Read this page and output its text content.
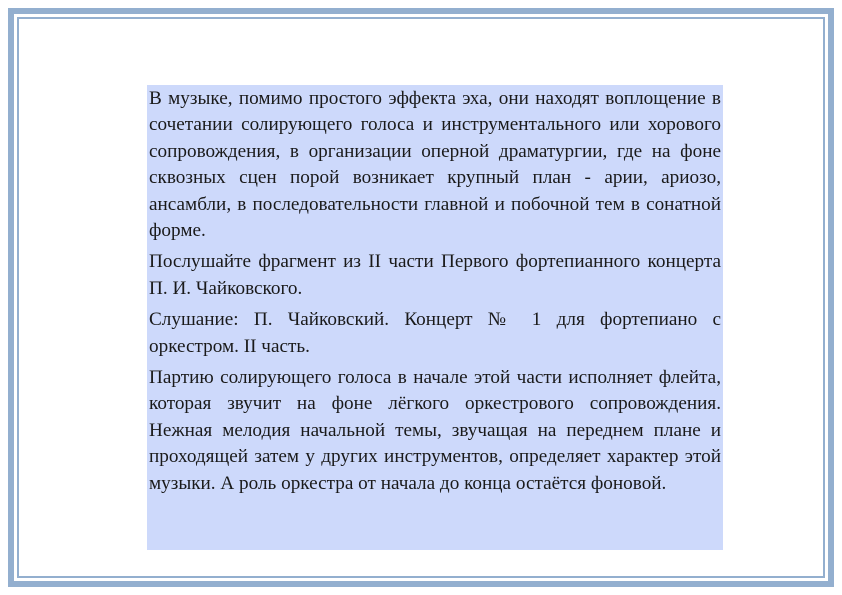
В музыке, помимо простого эффекта эха, они находят воплощение в сочетании солирующего голоса и инструментального или хорового сопровождения, в организации оперной драматургии, где на фоне сквозных сцен порой возникает крупный план - арии, ариозо, ансамбли, в последовательности главной и побочной тем в сонатной форме.

Послушайте фрагмент из II части Первого фортепианного концерта П. И. Чайковского.

Слушание: П. Чайковский. Концерт № 1 для фортепиано с оркестром. II часть.

Партию солирующего голоса в начале этой части исполняет флейта, которая звучит на фоне лёгкого оркестрового сопровождения. Нежная мелодия начальной темы, звучащая на переднем плане и проходящей затем у других инструментов, определяет характер этой музыки. А роль оркестра от начала до конца остаётся фоновой.
